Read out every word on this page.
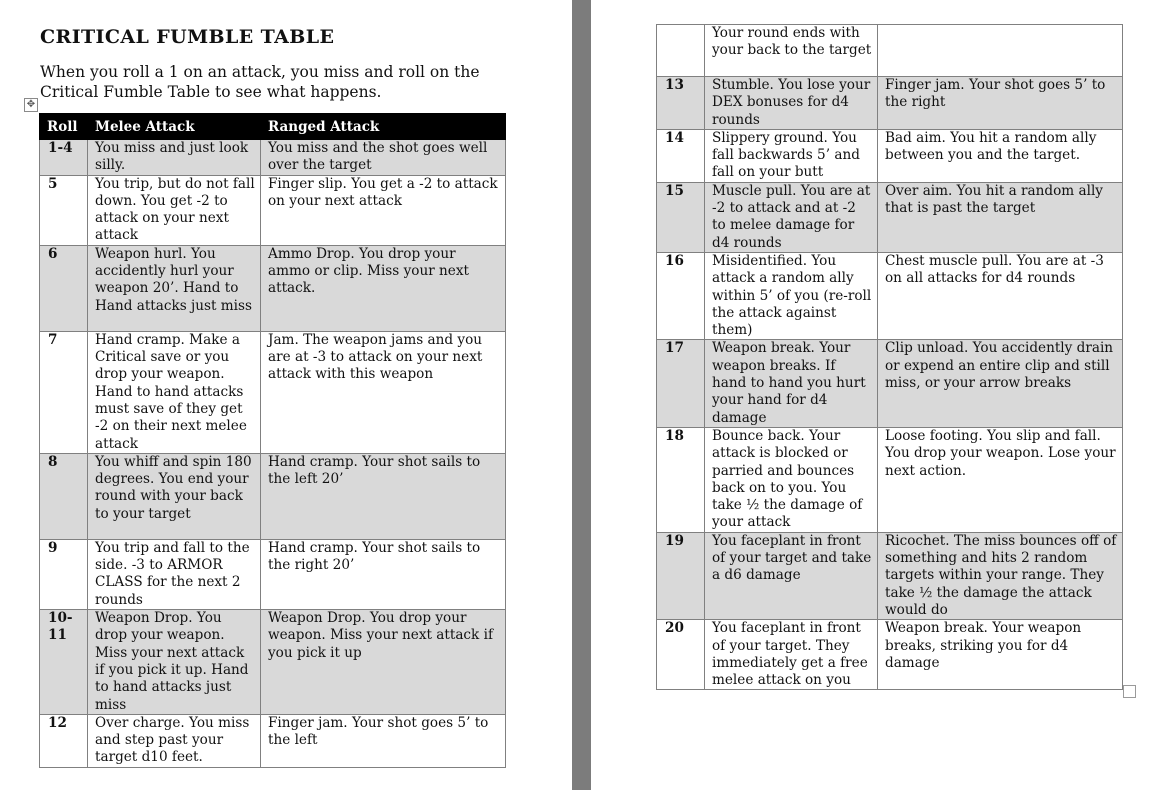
CRITICAL FUMBLE TABLE

When you roll a 1 on an attack, you miss and roll on the Critical Fumble Table to see what happens.

✥
Roll	Melee Attack	Ranged Attack
1-4	You miss and just look silly.	You miss and the shot goes well over the target
5	You trip, but do not fall down. You get -2 to attack on your next attack	Finger slip. You get a -2 to attack on your next attack
6	Weapon hurl. You accidently hurl your weapon 20’. Hand to Hand attacks just miss	Ammo Drop. You drop your ammo or clip. Miss your next attack.
7	Hand cramp. Make a Critical save or you drop your weapon. Hand to hand attacks must save of they get -2 on their next melee attack	Jam. The weapon jams and you are at -3 to attack on your next attack with this weapon
8	You whiff and spin 180 degrees. You end your round with your back to your target	Hand cramp. Your shot sails to the left 20’
9	You trip and fall to the side. -3 to ARMOR CLASS for the next 2 rounds	Hand cramp. Your shot sails to the right 20’
10-11	Weapon Drop. You drop your weapon. Miss your next attack if you pick it up. Hand to hand attacks just miss	Weapon Drop. You drop your weapon. Miss your next attack if you pick it up
12	Over charge. You miss and step past your target d10 feet.	Finger jam. Your shot goes 5’ to the left
	Your round ends with your back to the target	
13	Stumble. You lose your DEX bonuses for d4 rounds	Finger jam. Your shot goes 5’ to the right
14	Slippery ground. You fall backwards 5’ and fall on your butt	Bad aim. You hit a random ally between you and the target.
15	Muscle pull. You are at -2 to attack and at -2 to melee damage for d4 rounds	Over aim. You hit a random ally that is past the target
16	Misidentified. You attack a random ally within 5’ of you (re-roll the attack against them)	Chest muscle pull. You are at -3 on all attacks for d4 rounds
17	Weapon break. Your weapon breaks. If hand to hand you hurt your hand for d4 damage	Clip unload. You accidently drain or expend an entire clip and still miss, or your arrow breaks
18	Bounce back. Your attack is blocked or parried and bounces back on to you. You take ½ the damage of your attack	Loose footing. You slip and fall. You drop your weapon. Lose your next action.
19	You faceplant in front of your target and take a d6 damage	Ricochet. The miss bounces off of something and hits 2 random targets within your range. They take ½ the damage the attack would do
20	You faceplant in front of your target. They immediately get a free melee attack on you	Weapon break. Your weapon breaks, striking you for d4 damage
